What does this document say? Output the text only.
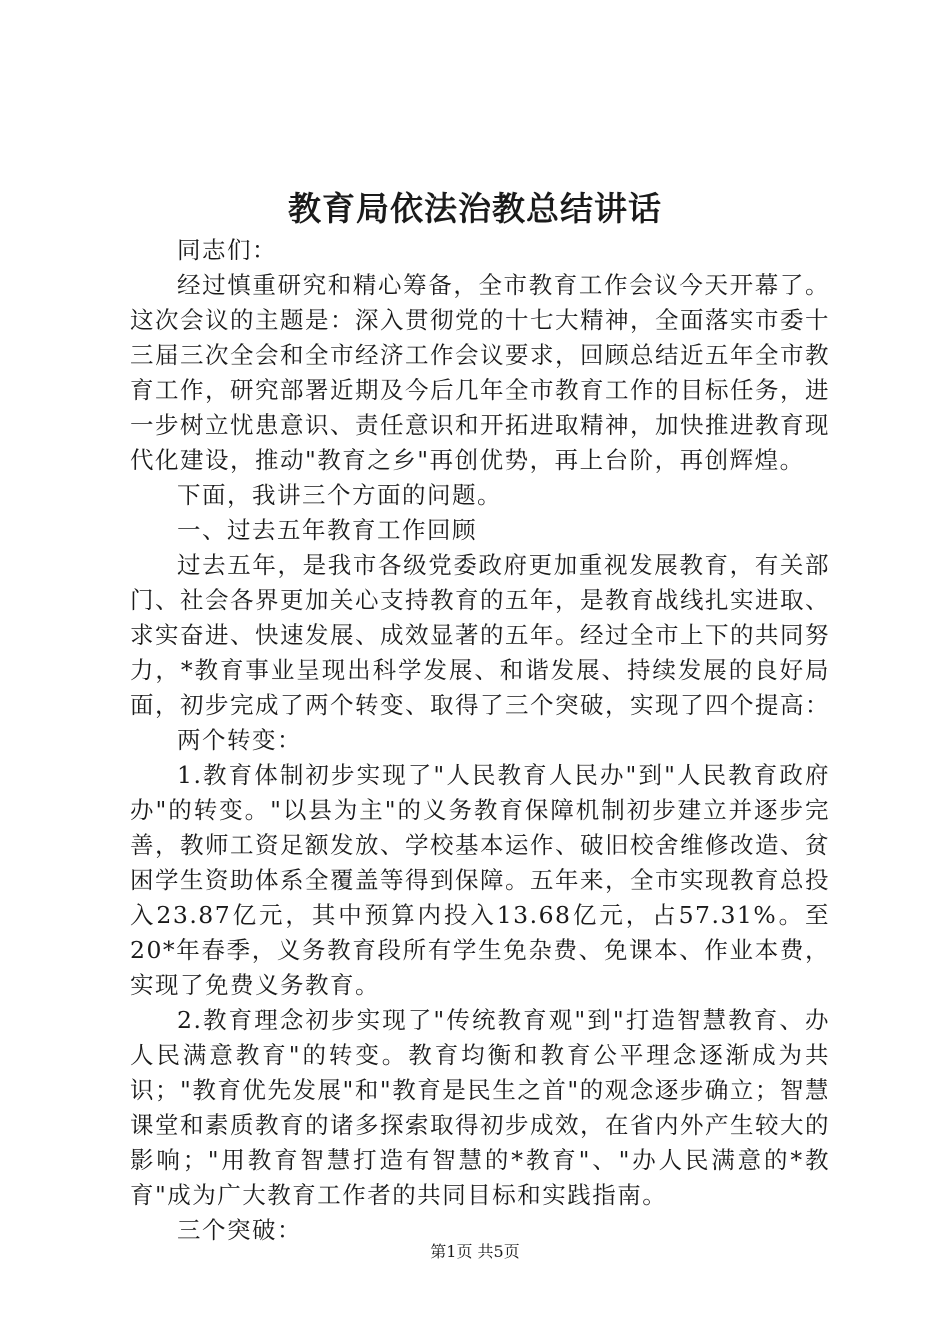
教育局依法治教总结讲话

同志们：

经过慎重研究和精心筹备，全市教育工作会议今天开幕了。这次会议的主题是：深入贯彻党的十七大精神，全面落实市委十三届三次全会和全市经济工作会议要求，回顾总结近五年全市教育工作，研究部署近期及今后几年全市教育工作的目标任务，进一步树立忧患意识、责任意识和开拓进取精神，加快推进教育现代化建设，推动"教育之乡"再创优势，再上台阶，再创辉煌。

下面，我讲三个方面的问题。

一、过去五年教育工作回顾

过去五年，是我市各级党委政府更加重视发展教育，有关部门、社会各界更加关心支持教育的五年，是教育战线扎实进取、求实奋进、快速发展、成效显著的五年。经过全市上下的共同努力，*教育事业呈现出科学发展、和谐发展、持续发展的良好局面，初步完成了两个转变、取得了三个突破，实现了四个提高：

两个转变：

1.教育体制初步实现了"人民教育人民办"到"人民教育政府办"的转变。"以县为主"的义务教育保障机制初步建立并逐步完善，教师工资足额发放、学校基本运作、破旧校舍维修改造、贫困学生资助体系全覆盖等得到保障。五年来，全市实现教育总投入23.87亿元，其中预算内投入13.68亿元，占57.31%。至20*年春季，义务教育段所有学生免杂费、免课本、作业本费，实现了免费义务教育。

2.教育理念初步实现了"传统教育观"到"打造智慧教育、办人民满意教育"的转变。教育均衡和教育公平理念逐渐成为共识；"教育优先发展"和"教育是民生之首"的观念逐步确立；智慧课堂和素质教育的诸多探索取得初步成效，在省内外产生较大的影响；"用教育智慧打造有智慧的*教育"、"办人民满意的*教育"成为广大教育工作者的共同目标和实践指南。

三个突破：

第1页 共5页
